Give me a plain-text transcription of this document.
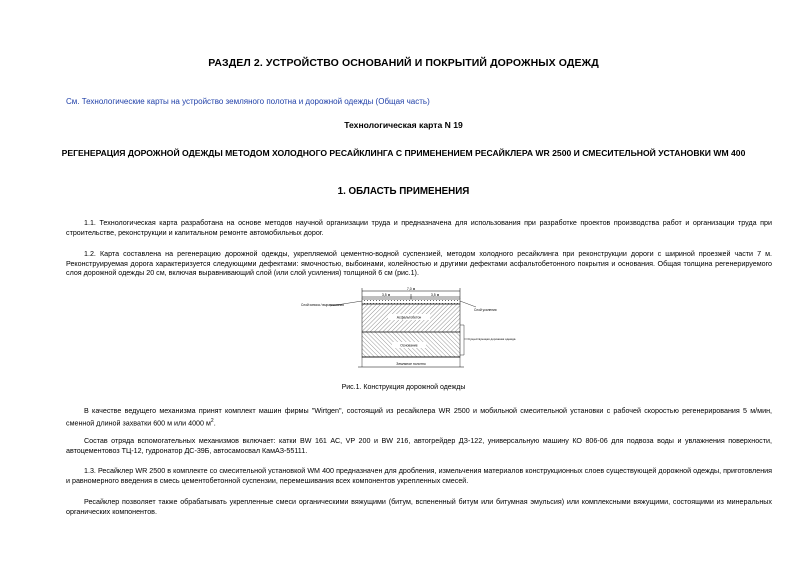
РАЗДЕЛ 2. УСТРОЙСТВО ОСНОВАНИЙ И ПОКРЫТИЙ ДОРОЖНЫХ ОДЕЖД
См. Технологические карты на устройство земляного полотна и дорожной одежды (Общая часть)
Технологическая карта N 19
РЕГЕНЕРАЦИЯ ДОРОЖНОЙ ОДЕЖДЫ МЕТОДОМ ХОЛОДНОГО РЕСАЙКЛИНГА С ПРИМЕНЕНИЕМ РЕСАЙКЛЕРА WR 2500 И СМЕСИТЕЛЬНОЙ УСТАНОВКИ WM 400
1. ОБЛАСТЬ ПРИМЕНЕНИЯ
1.1. Технологическая карта разработана на основе методов научной организации труда и предназначена для использования при разработке проектов производства работ и организации труда при строительстве, реконструкции и капитальном ремонте автомобильных дорог.
1.2. Карта составлена на регенерацию дорожной одежды, укрепляемой цементно-водной суспензией, методом холодного ресайклинга при реконструкции дороги с шириной проезжей части 7 м. Реконструируемая дорога характеризуется следующими дефектами: ямочностью, выбоинами, колейностью и другими дефектами асфальтобетонного покрытия и основания. Общая толщина регенерируемого слоя дорожной одежды 20 см, включая выравнивающий слой (или слой усиления) толщиной 6 см (рис.1).
7,0 м
3,5 м	3,5 м
Асфальтобетон
Основание
Земляное полотно
Слой износа / выравнивания
Слой усиления
Существующая дорожная одежда
Рис.1. Конструкция дорожной одежды
В качестве ведущего механизма принят комплект машин фирмы "Wirtgen", состоящий из ресайклера WR 2500 и мобильной смесительной установки с рабочей скоростью регенерирования 5 м/мин, сменной длиной захватки 600 м или 4000 $м^2$.
Состав отряда вспомогательных механизмов включает: катки BW 161 АС, VP 200 и BW 216, автогрейдер ДЗ-122, универсальную машину КО 806-06 для подвоза воды и увлажнения поверхности, автоцементовоз ТЦ-12, гудронатор ДС-39Б, автосамосвал КамАЗ-55111.
1.3. Ресайклер WR 2500 в комплекте со смесительной установкой WM 400 предназначен для дробления, измельчения материалов конструкционных слоев существующей дорожной одежды, приготовления и равномерного введения в смесь цементобетонной суспензии, перемешивания всех компонентов укрепленных смесей.
Ресайклер позволяет также обрабатывать укрепленные смеси органическими вяжущими (битум, вспененный битум или битумная эмульсия) или комплексными вяжущими, состоящими из минеральных органических компонентов.
